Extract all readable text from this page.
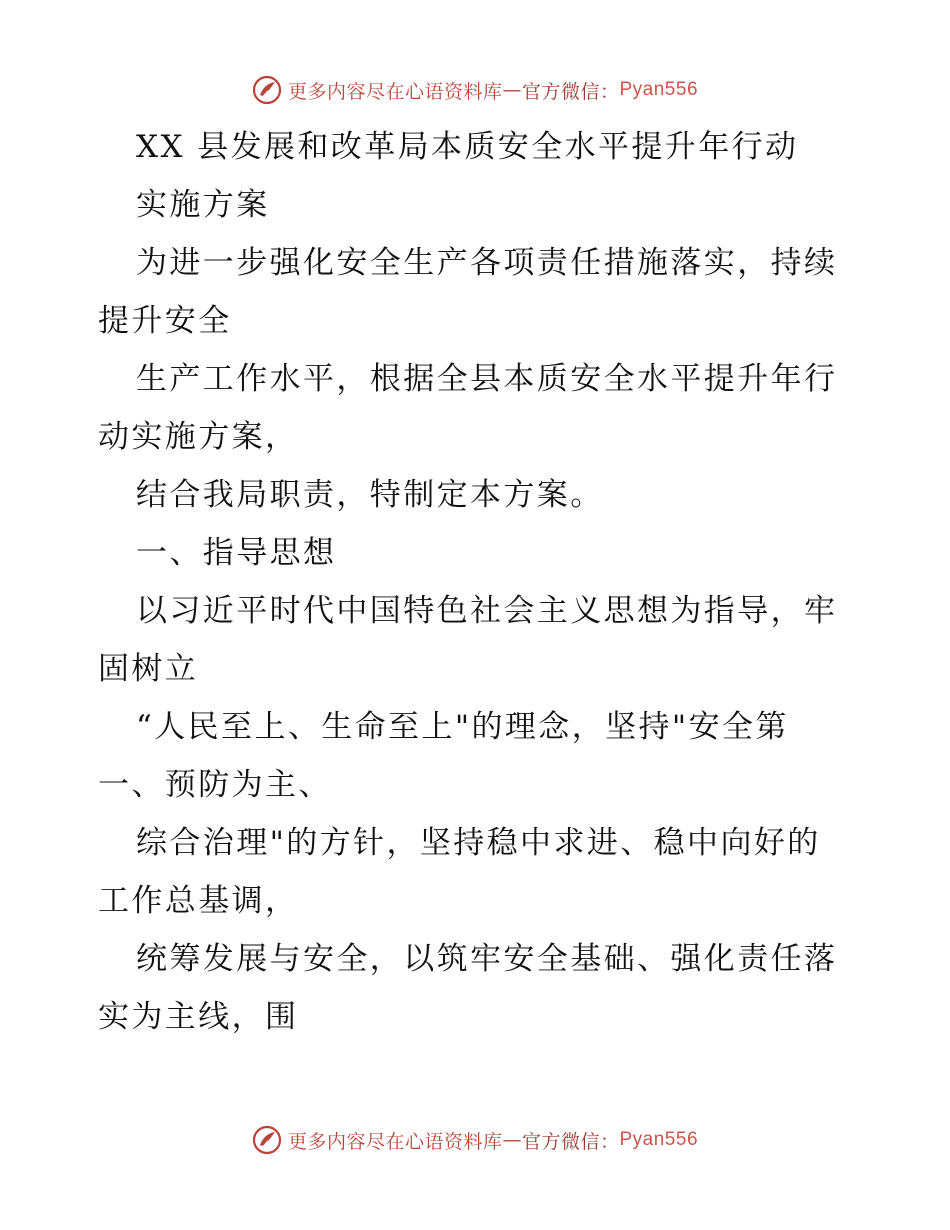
更多内容尽在心语资料库 — 官方微信： Pyan556
XX 县发展和改革局本质安全水平提升年行动
实施方案
为进一步强化安全生产各项责任措施落实，持续
提升安全
生产工作水平，根据全县本质安全水平提升年行
动实施方案，
结合我局职责，特制定本方案。
一、指导思想
以习近平时代中国特色社会主义思想为指导，牢
固树立
“人民至上、生命至上"的理念，坚持"安全第
一、预防为主、
综合治理"的方针，坚持稳中求进、稳中向好的
工作总基调，
统筹发展与安全，以筑牢安全基础、强化责任落
实为主线，围
更多内容尽在心语资料库 — 官方微信： Pyan556
